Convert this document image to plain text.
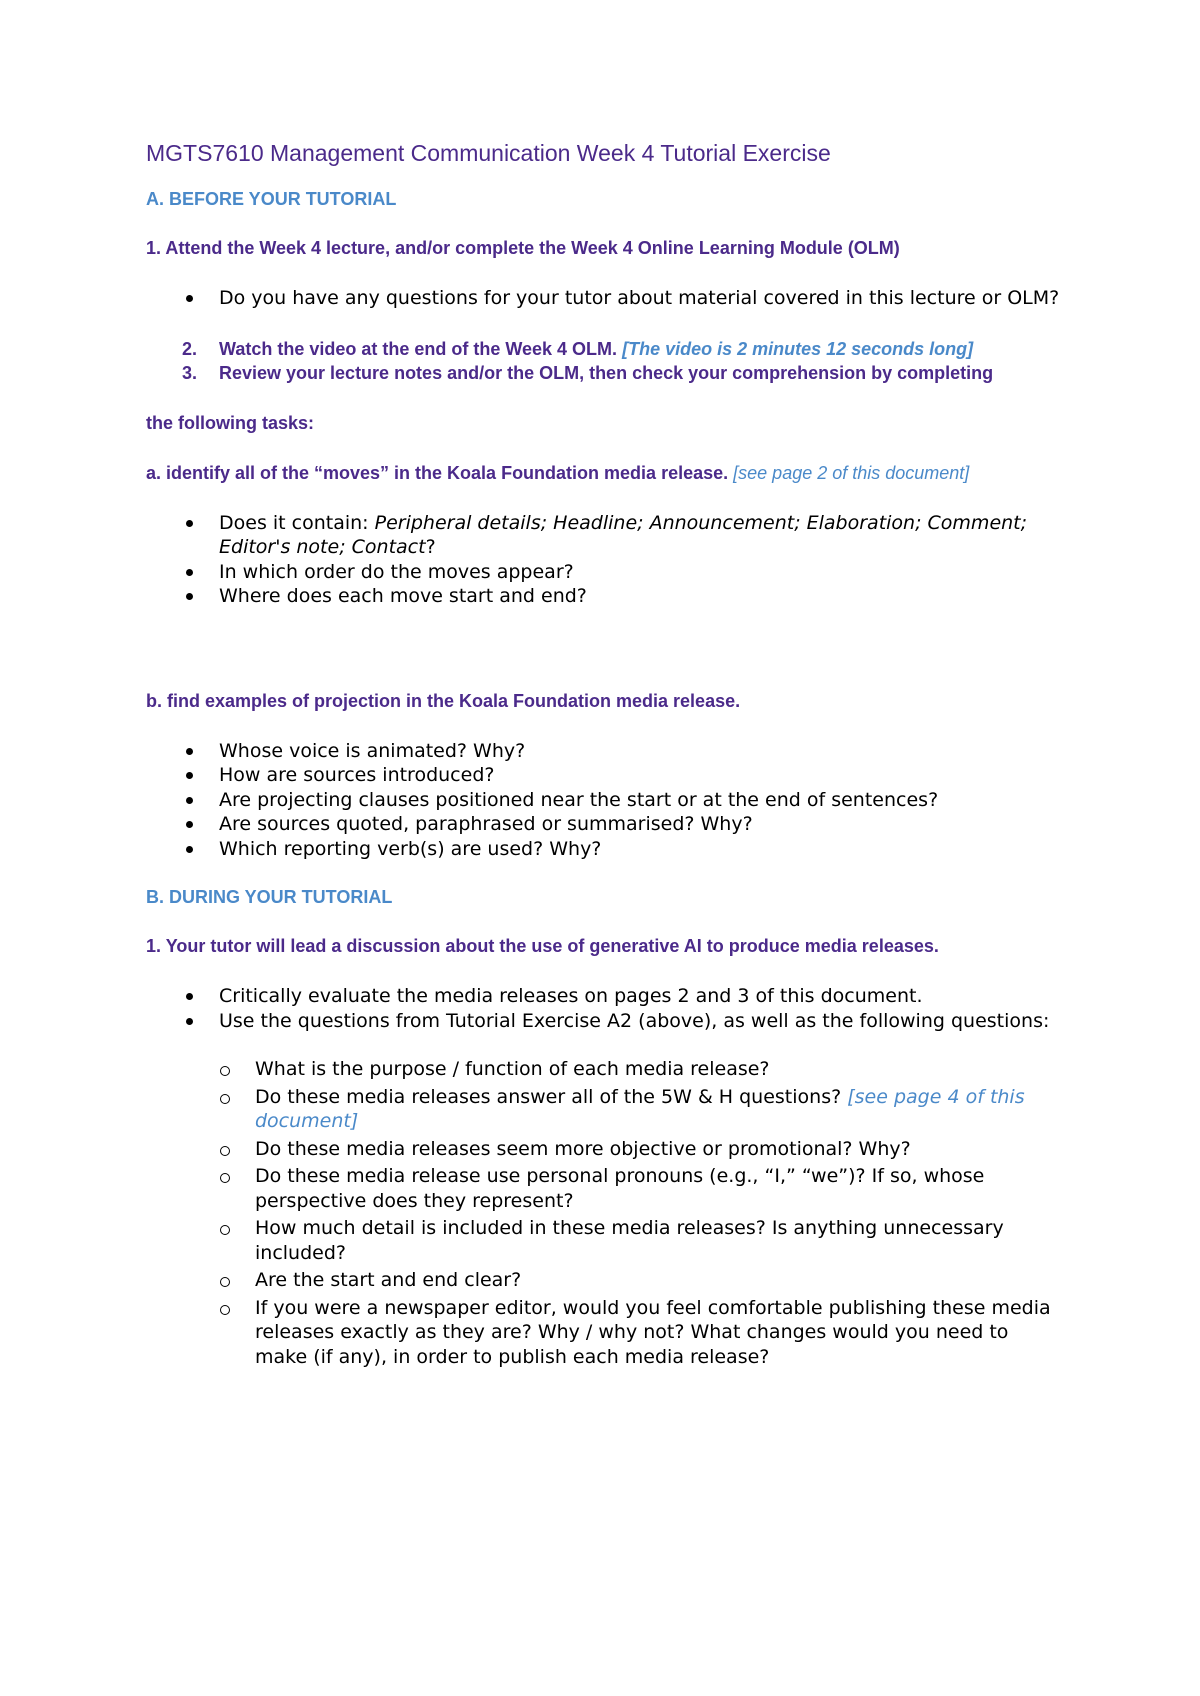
MGTS7610 Management Communication Week 4 Tutorial Exercise
A. BEFORE YOUR TUTORIAL
1. Attend the Week 4 lecture, and/or complete the Week 4 Online Learning Module (OLM)
Do you have any questions for your tutor about material covered in this lecture or OLM?
2. Watch the video at the end of the Week 4 OLM. [The video is 2 minutes 12 seconds long]
3. Review your lecture notes and/or the OLM, then check your comprehension by completing
the following tasks:
a. identify all of the “moves” in the Koala Foundation media release. [see page 2 of this document]
Does it contain: Peripheral details; Headline; Announcement; Elaboration; Comment; Editor's note; Contact?
In which order do the moves appear?
Where does each move start and end?
b. find examples of projection in the Koala Foundation media release.
Whose voice is animated? Why?
How are sources introduced?
Are projecting clauses positioned near the start or at the end of sentences?
Are sources quoted, paraphrased or summarised? Why?
Which reporting verb(s) are used? Why?
B. DURING YOUR TUTORIAL
1. Your tutor will lead a discussion about the use of generative AI to produce media releases.
Critically evaluate the media releases on pages 2 and 3 of this document.
Use the questions from Tutorial Exercise A2 (above), as well as the following questions:
What is the purpose / function of each media release?
Do these media releases answer all of the 5W & H questions? [see page 4 of this document]
Do these media releases seem more objective or promotional? Why?
Do these media release use personal pronouns (e.g., “I,” “we”)? If so, whose perspective does they represent?
How much detail is included in these media releases? Is anything unnecessary included?
Are the start and end clear?
If you were a newspaper editor, would you feel comfortable publishing these media releases exactly as they are? Why / why not? What changes would you need to make (if any), in order to publish each media release?
